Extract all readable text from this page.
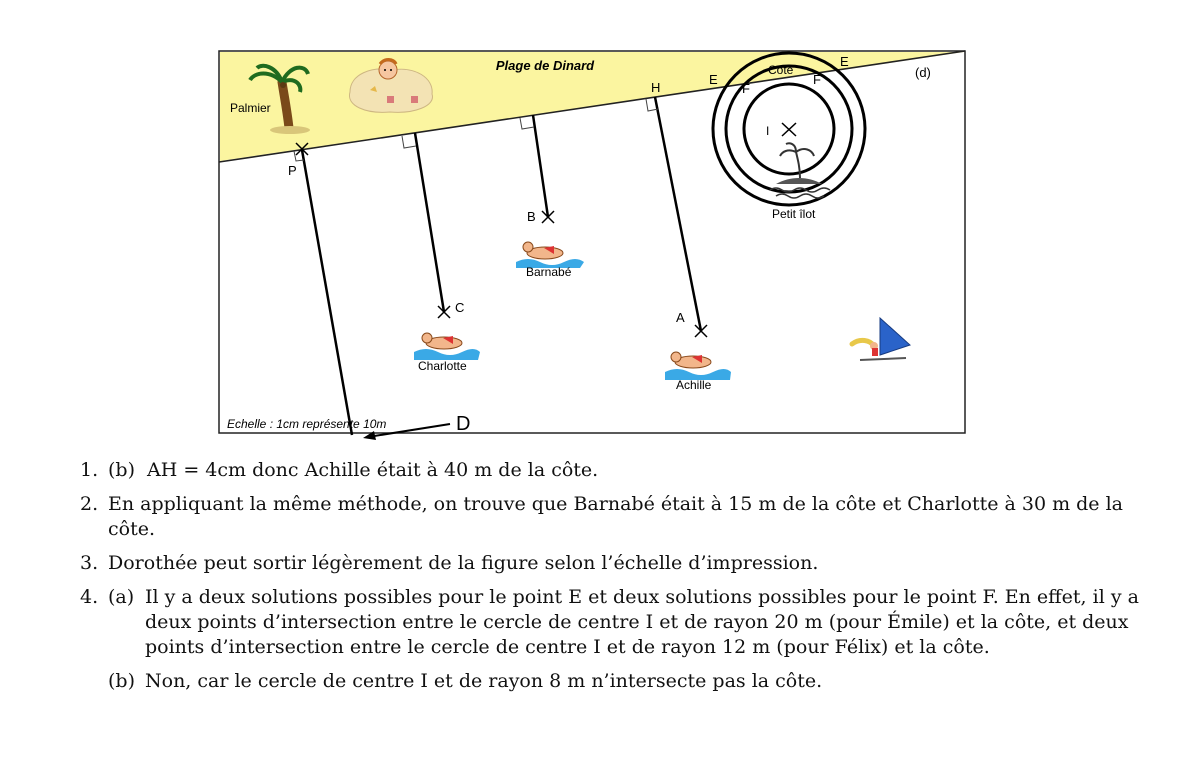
Plage de Dinard	(d)
Palmier
I
Côte
E
E
F
F
Petit îlot
P
H
C
B
A
Barnabé
Charlotte
Achille
Echelle : 1cm représente 10m	D
1. (b) AH = 4cm donc Achille était à 40 m de la côte.
2. En appliquant la même méthode, on trouve que Barnabé était à 15 m de la côte et Charlotte à 30 m de la côte.
3. Dorothée peut sortir légèrement de la figure selon l’échelle d’impression.
4. (a) Il y a deux solutions possibles pour le point E et deux solutions possibles pour le point F. En effet, il y a deux points d’intersection entre le cercle de centre I et de rayon 20 m (pour Émile) et la côte, et deux points d’intersection entre le cercle de centre I et de rayon 12 m (pour Félix) et la côte.
(b) Non, car le cercle de centre I et de rayon 8 m n’intersecte pas la côte.
